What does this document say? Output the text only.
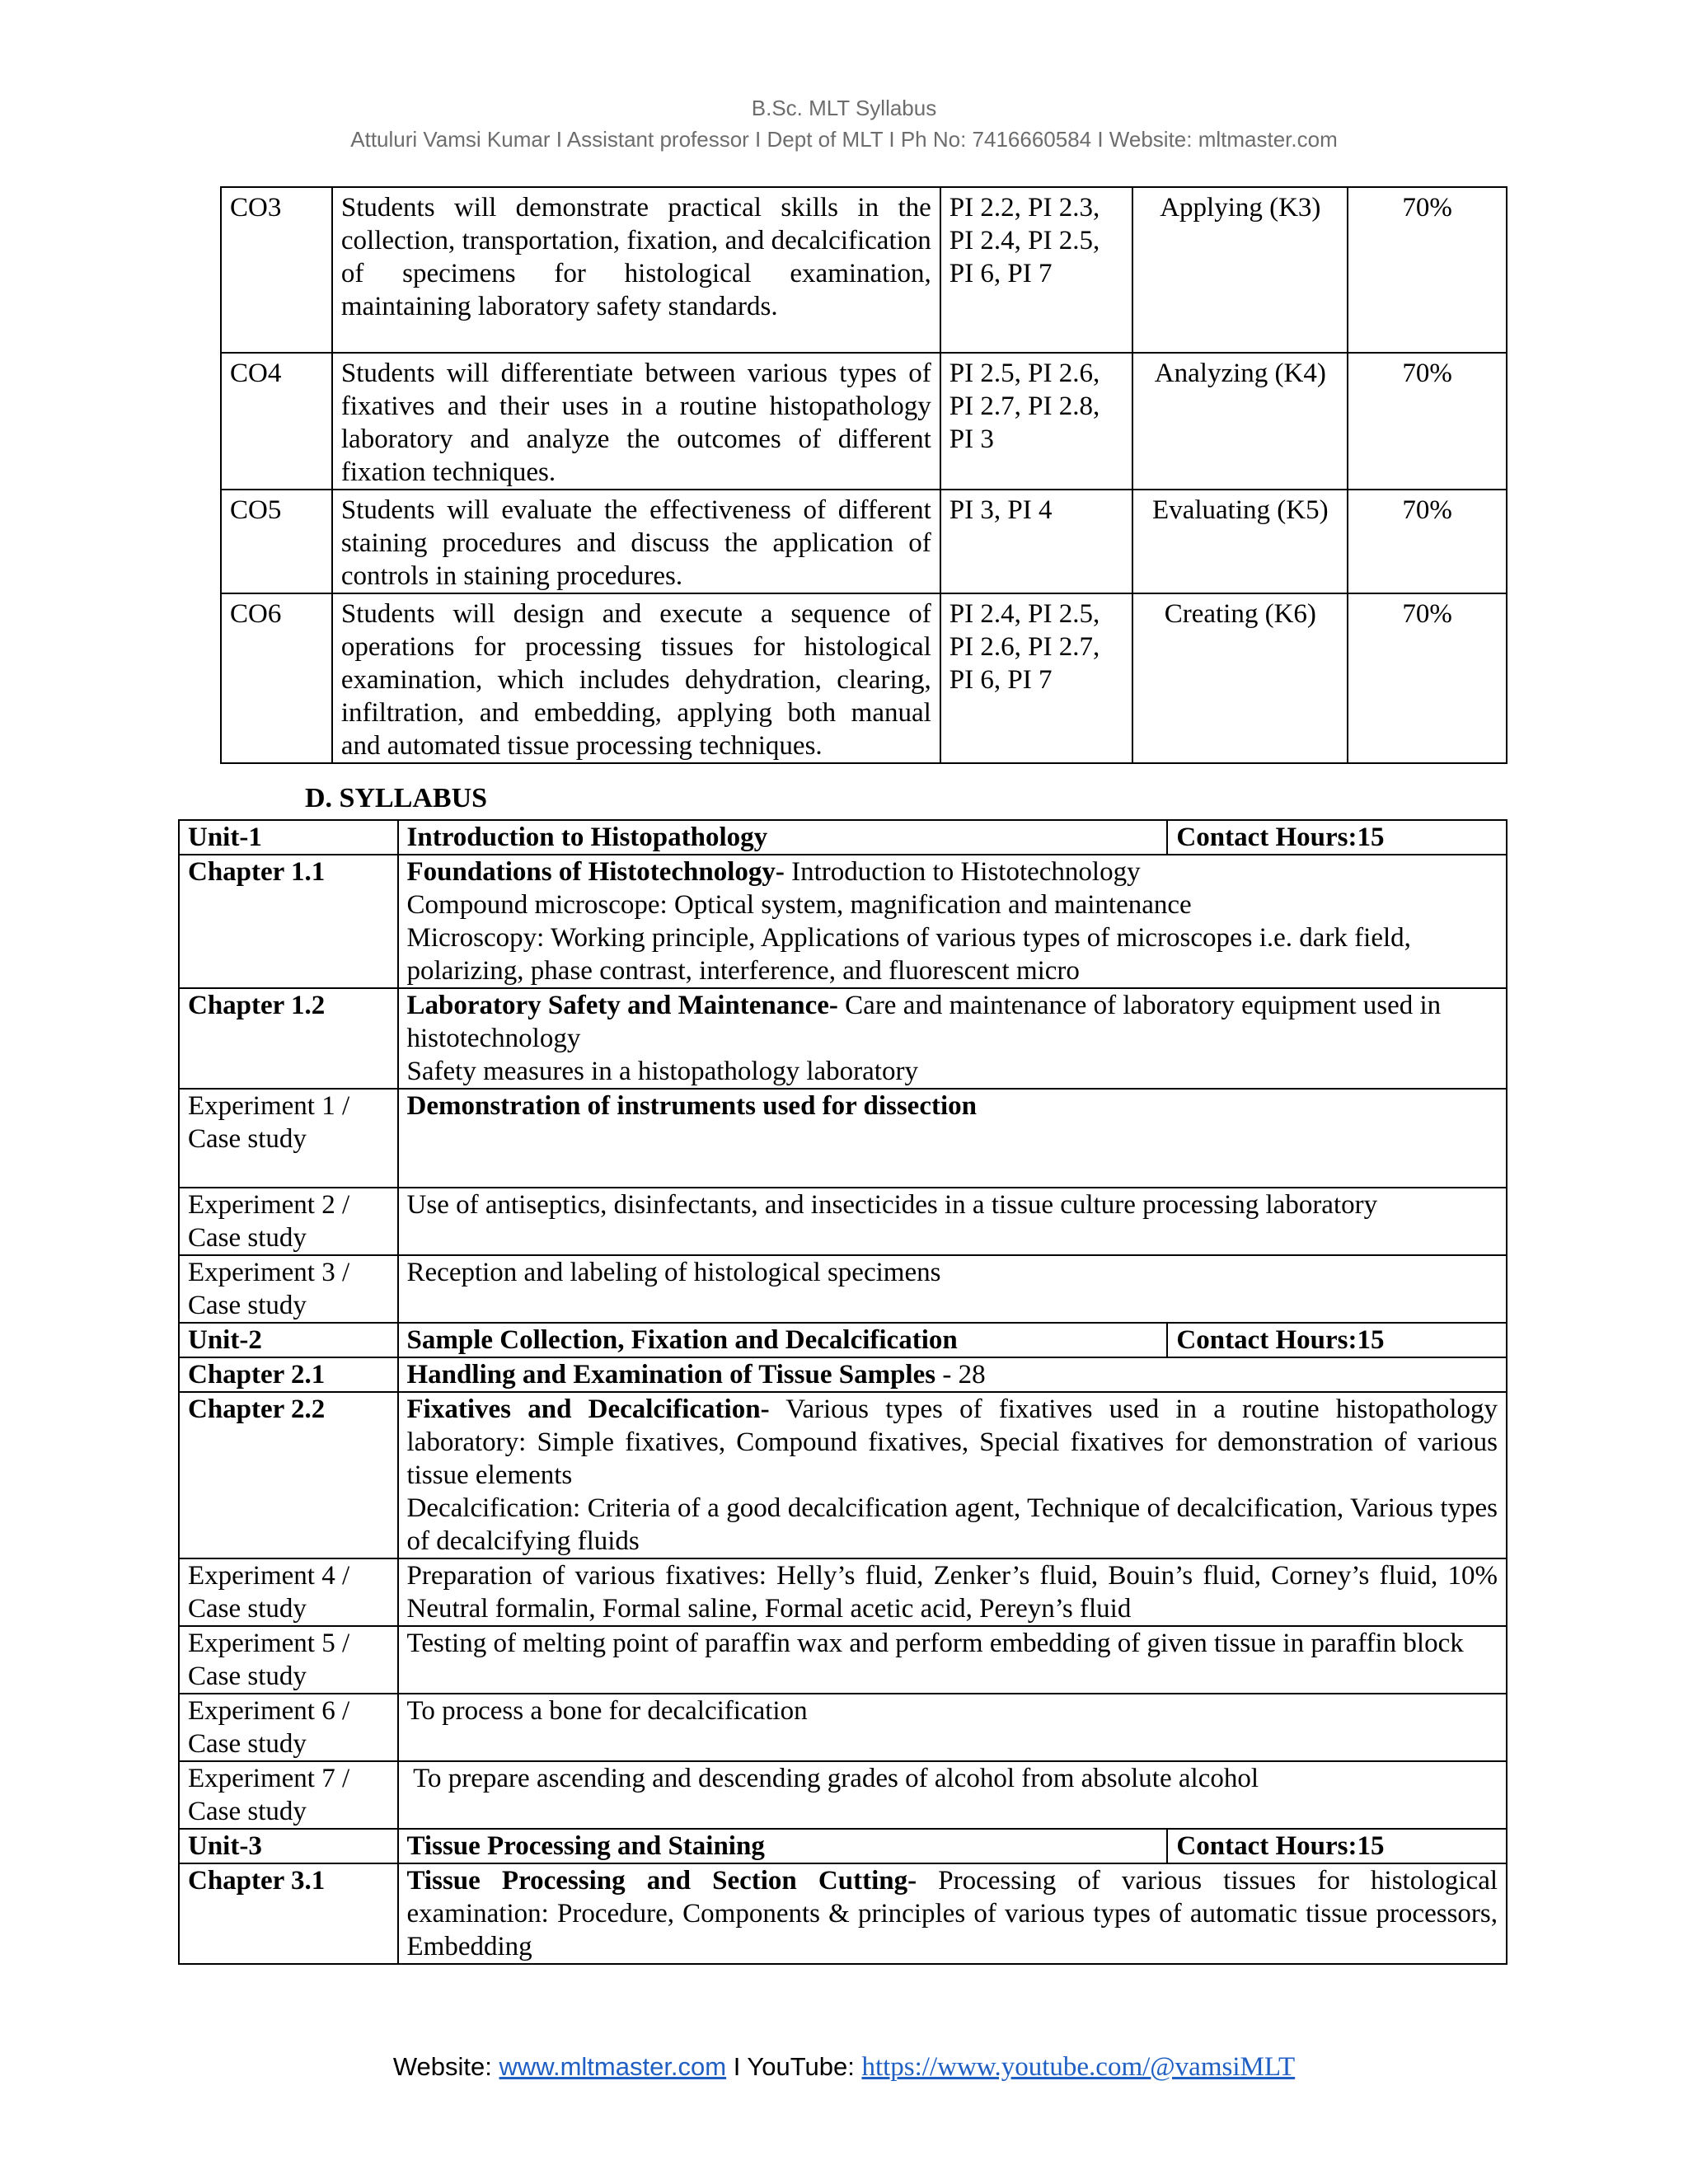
B.Sc. MLT Syllabus
Attuluri Vamsi Kumar I Assistant professor I Dept of MLT I Ph No: 7416660584 I Website: mltmaster.com
CO3	Students will demonstrate practical skills in the collection, transportation, fixation, and decalcification of specimens for histological examination, maintaining laboratory safety standards.	PI 2.2, PI 2.3, PI 2.4, PI 2.5, PI 6, PI 7	Applying (K3)	70%
CO4	Students will differentiate between various types of fixatives and their uses in a routine histopathology laboratory and analyze the outcomes of different fixation techniques.	PI 2.5, PI 2.6, PI 2.7, PI 2.8, PI 3	Analyzing (K4)	70%
CO5	Students will evaluate the effectiveness of different staining procedures and discuss the application of controls in staining procedures.	PI 3, PI 4	Evaluating (K5)	70%
CO6	Students will design and execute a sequence of operations for processing tissues for histological examination, which includes dehydration, clearing, infiltration, and embedding, applying both manual and automated tissue processing techniques.	PI 2.4, PI 2.5, PI 2.6, PI 2.7, PI 6, PI 7	Creating (K6)	70%
D. SYLLABUS
Unit-1	Introduction to Histopathology	Contact Hours:15
Chapter 1.1	Foundations of Histotechnology- Introduction to Histotechnology
Compound microscope: Optical system, magnification and maintenance
Microscopy: Working principle, Applications of various types of microscopes i.e. dark field, polarizing, phase contrast, interference, and fluorescent micro	
Chapter 1.2	Laboratory Safety and Maintenance- Care and maintenance of laboratory equipment used in histotechnology
Safety measures in a histopathology laboratory	
Experiment 1 / Case study	Demonstration of instruments used for dissection	
Experiment 2 / Case study	Use of antiseptics, disinfectants, and insecticides in a tissue culture processing laboratory	
Experiment 3 / Case study	Reception and labeling of histological specimens	
Unit-2	Sample Collection, Fixation and Decalcification	Contact Hours:15
Chapter 2.1	Handling and Examination of Tissue Samples - 28	
Chapter 2.2	Fixatives and Decalcification- Various types of fixatives used in a routine histopathology laboratory: Simple fixatives, Compound fixatives, Special fixatives for demonstration of various tissue elements
Decalcification: Criteria of a good decalcification agent, Technique of decalcification, Various types of decalcifying fluids	
Experiment 4 / Case study	Preparation of various fixatives: Helly’s fluid, Zenker’s fluid, Bouin’s fluid, Corney’s fluid, 10% Neutral formalin, Formal saline, Formal acetic acid, Pereyn’s fluid	
Experiment 5 / Case study	Testing of melting point of paraffin wax and perform embedding of given tissue in paraffin block	
Experiment 6 / Case study	To process a bone for decalcification	
Experiment 7 / Case study	To prepare ascending and descending grades of alcohol from absolute alcohol	
Unit-3	Tissue Processing and Staining	Contact Hours:15
Chapter 3.1	Tissue Processing and Section Cutting- Processing of various tissues for histological examination: Procedure, Components & principles of various types of automatic tissue processors, Embedding	
Website: www.mltmaster.com I YouTube: https://www.youtube.com/@vamsiMLT
